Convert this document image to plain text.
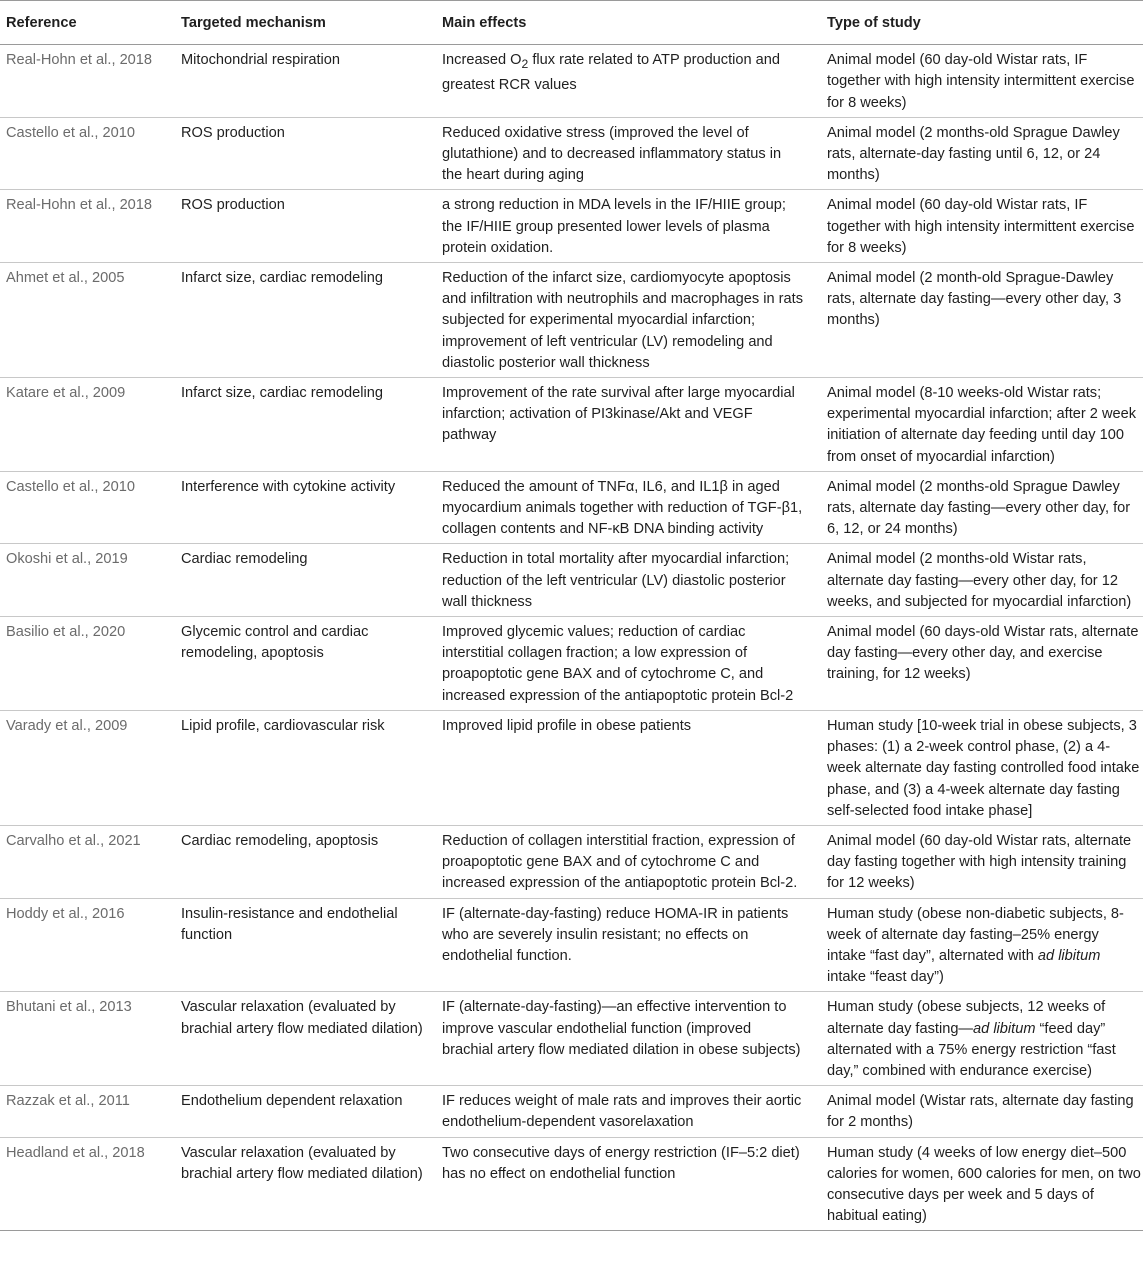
Reference	Targeted mechanism	Main effects	Type of study
Real-Hohn et al., 2018	Mitochondrial respiration	Increased $O_2$ flux rate related to ATP production and greatest RCR values	Animal model (60 day-old Wistar rats, IF together with high intensity intermittent exercise for 8 weeks)
Castello et al., 2010	ROS production	Reduced oxidative stress (improved the level of glutathione) and to decreased inflammatory status in the heart during aging	Animal model (2 months-old Sprague Dawley rats, alternate-day fasting until 6, 12, or 24 months)
Real-Hohn et al., 2018	ROS production	a strong reduction in MDA levels in the IF/HIIE group; the IF/HIIE group presented lower levels of plasma protein oxidation.	Animal model (60 day-old Wistar rats, IF together with high intensity intermittent exercise for 8 weeks)
Ahmet et al., 2005	Infarct size, cardiac remodeling	Reduction of the infarct size, cardiomyocyte apoptosis and infiltration with neutrophils and macrophages in rats subjected for experimental myocardial infarction; improvement of left ventricular (LV) remodeling and diastolic posterior wall thickness	Animal model (2 month-old Sprague-Dawley rats, alternate day fasting—every other day, 3 months)
Katare et al., 2009	Infarct size, cardiac remodeling	Improvement of the rate survival after large myocardial infarction; activation of PI3kinase/Akt and VEGF pathway	Animal model (8-10 weeks-old Wistar rats; experimental myocardial infarction; after 2 week initiation of alternate day feeding until day 100 from onset of myocardial infarction)
Castello et al., 2010	Interference with cytokine activity	Reduced the amount of TNFα, IL6, and IL1β in aged myocardium animals together with reduction of TGF-β1, collagen contents and NF-κB DNA binding activity	Animal model (2 months-old Sprague Dawley rats, alternate day fasting—every other day, for 6, 12, or 24 months)
Okoshi et al., 2019	Cardiac remodeling	Reduction in total mortality after myocardial infarction; reduction of the left ventricular (LV) diastolic posterior wall thickness	Animal model (2 months-old Wistar rats, alternate day fasting—every other day, for 12 weeks, and subjected for myocardial infarction)
Basilio et al., 2020	Glycemic control and cardiac remodeling, apoptosis	Improved glycemic values; reduction of cardiac interstitial collagen fraction; a low expression of proapoptotic gene BAX and of cytochrome C, and increased expression of the antiapoptotic protein Bcl-2	Animal model (60 days-old Wistar rats, alternate day fasting—every other day, and exercise training, for 12 weeks)
Varady et al., 2009	Lipid profile, cardiovascular risk	Improved lipid profile in obese patients	Human study [10-week trial in obese subjects, 3 phases: (1) a 2-week control phase, (2) a 4-week alternate day fasting controlled food intake phase, and (3) a 4-week alternate day fasting self-selected food intake phase]
Carvalho et al., 2021	Cardiac remodeling, apoptosis	Reduction of collagen interstitial fraction, expression of proapoptotic gene BAX and of cytochrome C and increased expression of the antiapoptotic protein Bcl-2.	Animal model (60 day-old Wistar rats, alternate day fasting together with high intensity training for 12 weeks)
Hoddy et al., 2016	Insulin-resistance and endothelial function	IF (alternate-day-fasting) reduce HOMA-IR in patients who are severely insulin resistant; no effects on endothelial function.	Human study (obese non-diabetic subjects, 8-week of alternate day fasting–25% energy intake “fast day”, alternated with ad libitum intake “feast day”)
Bhutani et al., 2013	Vascular relaxation (evaluated by brachial artery flow mediated dilation)	IF (alternate-day-fasting)—an effective intervention to improve vascular endothelial function (improved brachial artery flow mediated dilation in obese subjects)	Human study (obese subjects, 12 weeks of alternate day fasting—ad libitum “feed day” alternated with a 75% energy restriction “fast day,” combined with endurance exercise)
Razzak et al., 2011	Endothelium dependent relaxation	IF reduces weight of male rats and improves their aortic endothelium-dependent vasorelaxation	Animal model (Wistar rats, alternate day fasting for 2 months)
Headland et al., 2018	Vascular relaxation (evaluated by brachial artery flow mediated dilation)	Two consecutive days of energy restriction (IF–5:2 diet) has no effect on endothelial function	Human study (4 weeks of low energy diet–500 calories for women, 600 calories for men, on two consecutive days per week and 5 days of habitual eating)
